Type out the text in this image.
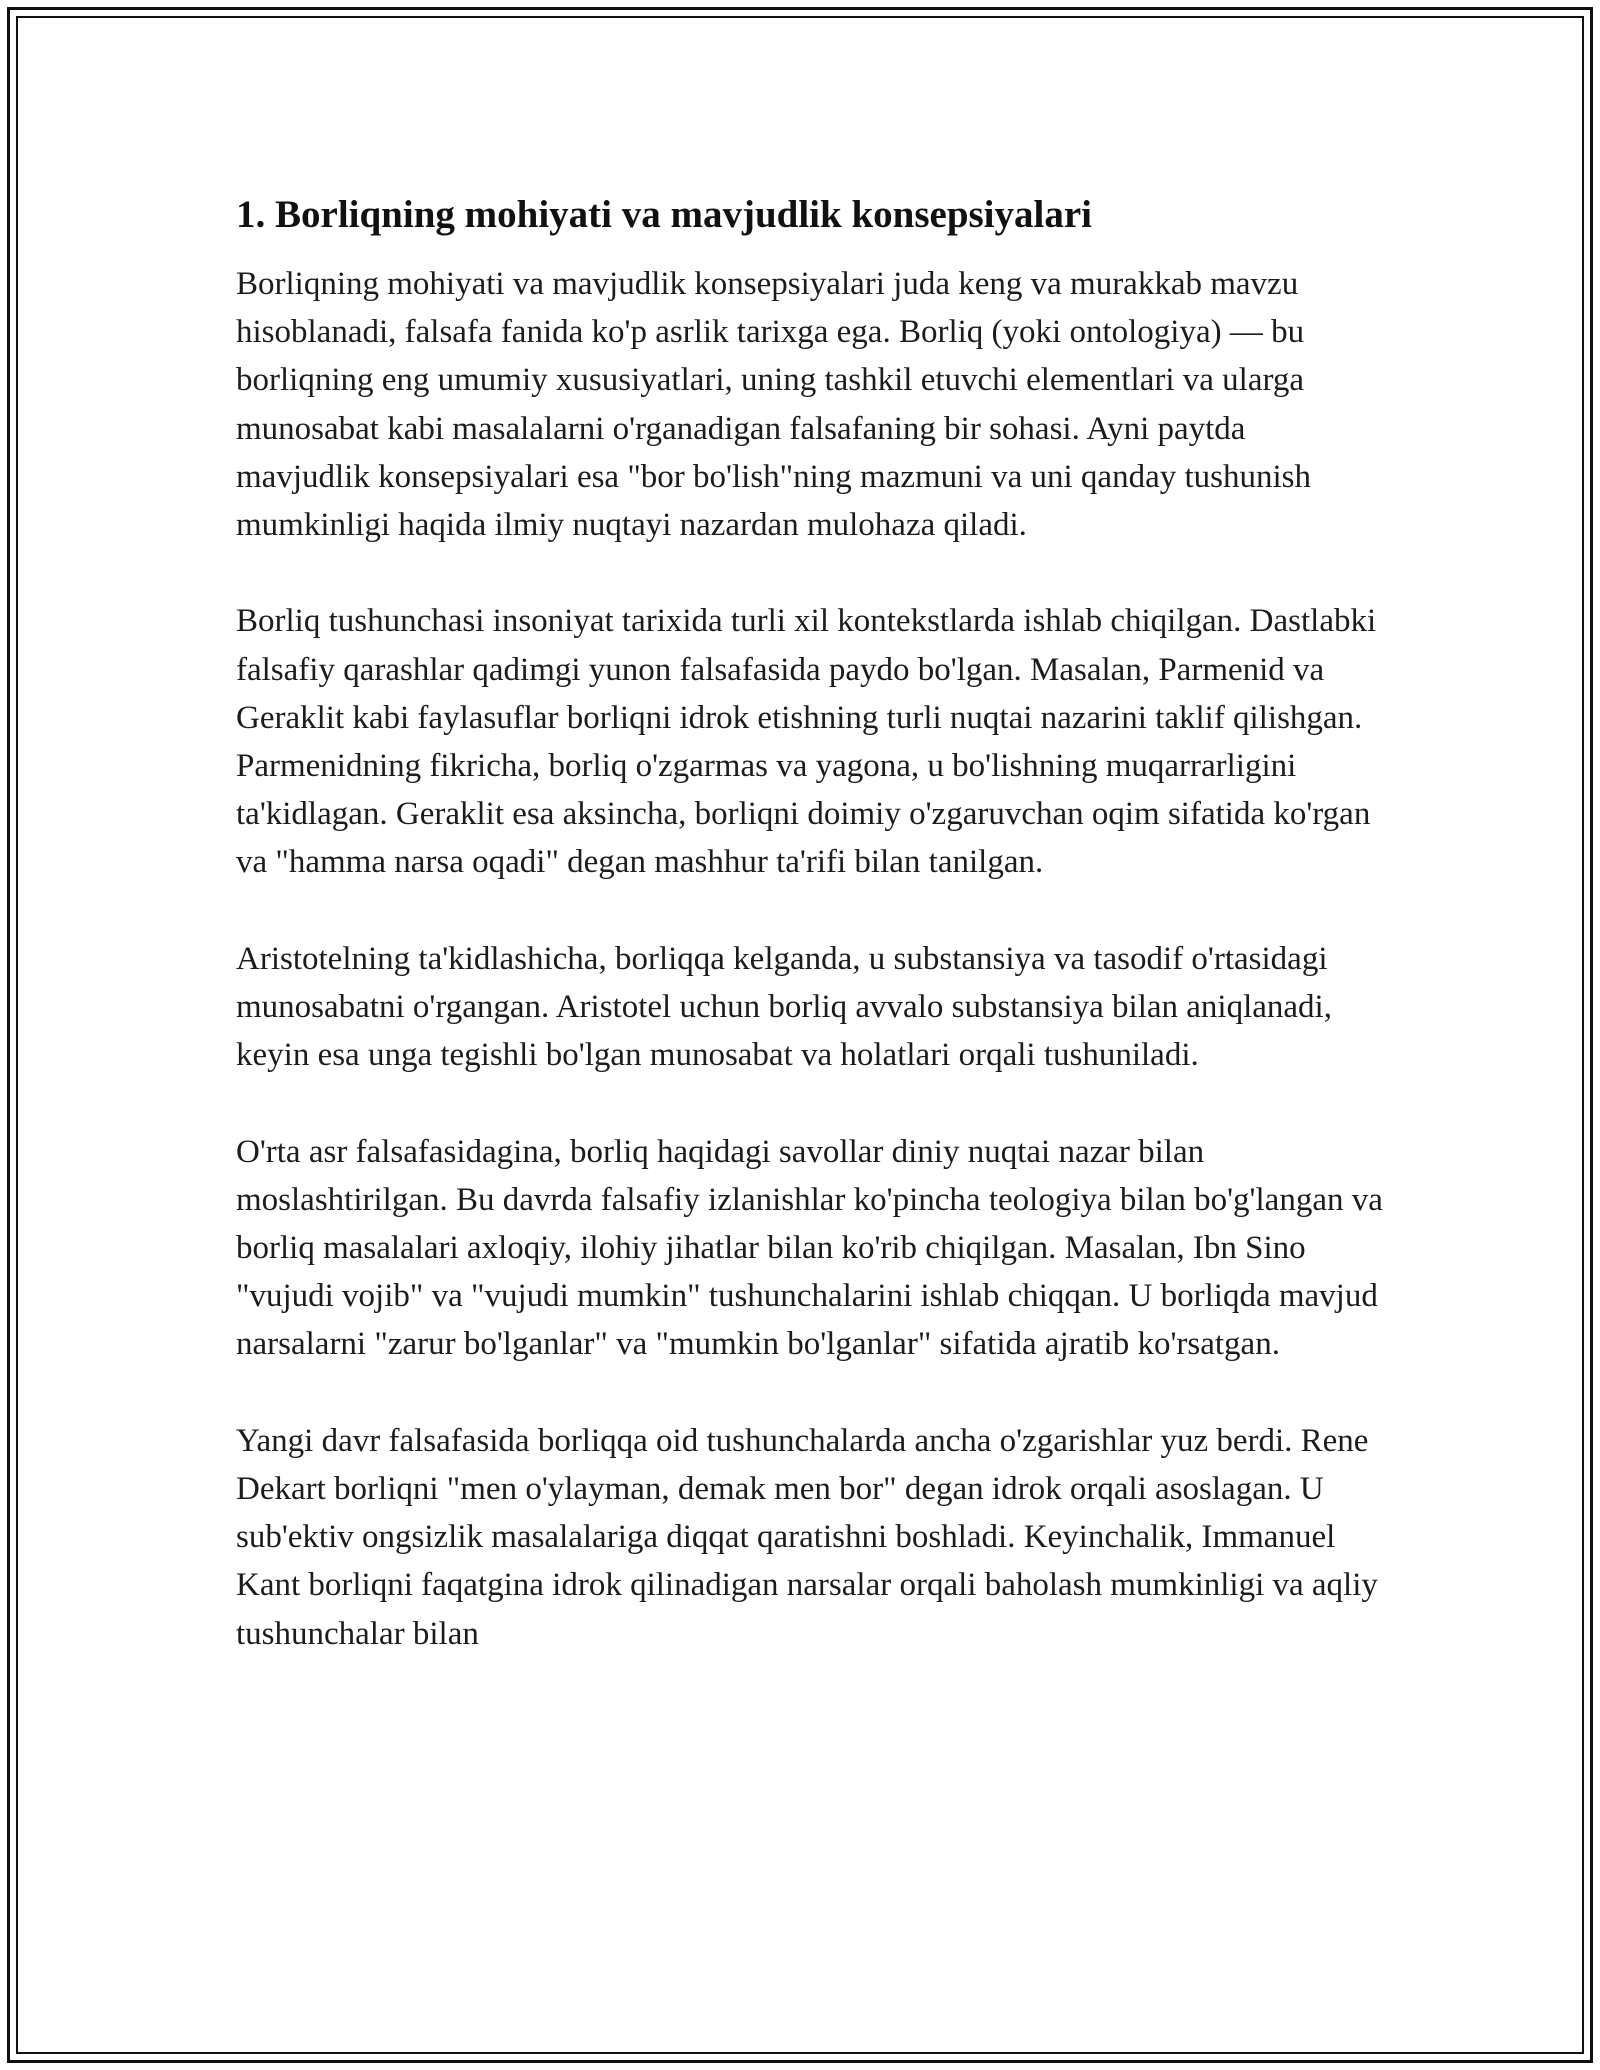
1. Borliqning mohiyati va mavjudlik konsepsiyalari

Borliqning mohiyati va mavjudlik konsepsiyalari juda keng va murakkab mavzu hisoblanadi, falsafa fanida ko'p asrlik tarixga ega. Borliq (yoki ontologiya) — bu borliqning eng umumiy xususiyatlari, uning tashkil etuvchi elementlari va ularga munosabat kabi masalalarni o'rganadigan falsafaning bir sohasi. Ayni paytda mavjudlik konsepsiyalari esa "bor bo'lish"ning mazmuni va uni qanday tushunish mumkinligi haqida ilmiy nuqtayi nazardan mulohaza qiladi.

Borliq tushunchasi insoniyat tarixida turli xil kontekstlarda ishlab chiqilgan. Dastlabki falsafiy qarashlar qadimgi yunon falsafasida paydo bo'lgan. Masalan, Parmenid va Geraklit kabi faylasuflar borliqni idrok etishning turli nuqtai nazarini taklif qilishgan. Parmenidning fikricha, borliq o'zgarmas va yagona, u bo'lishning muqarrarligini ta'kidlagan. Geraklit esa aksincha, borliqni doimiy o'zgaruvchan oqim sifatida ko'rgan va "hamma narsa oqadi" degan mashhur ta'rifi bilan tanilgan.

Aristotelning ta'kidlashicha, borliqqa kelganda, u substansiya va tasodif o'rtasidagi munosabatni o'rgangan. Aristotel uchun borliq avvalo substansiya bilan aniqlanadi, keyin esa unga tegishli bo'lgan munosabat va holatlari orqali tushuniladi.

O'rta asr falsafasidagina, borliq haqidagi savollar diniy nuqtai nazar bilan moslashtirilgan. Bu davrda falsafiy izlanishlar ko'pincha teologiya bilan bo'g'langan va borliq masalalari axloqiy, ilohiy jihatlar bilan ko'rib chiqilgan. Masalan, Ibn Sino "vujudi vojib" va "vujudi mumkin" tushunchalarini ishlab chiqqan. U borliqda mavjud narsalarni "zarur bo'lganlar" va "mumkin bo'lganlar" sifatida ajratib ko'rsatgan.

Yangi davr falsafasida borliqqa oid tushunchalarda ancha o'zgarishlar yuz berdi. Rene Dekart borliqni "men o'ylayman, demak men bor" degan idrok orqali asoslagan. U sub'ektiv ongsizlik masalalariga diqqat qaratishni boshladi. Keyinchalik, Immanuel Kant borliqni faqatgina idrok qilinadigan narsalar orqali baholash mumkinligi va aqliy tushunchalar bilan
